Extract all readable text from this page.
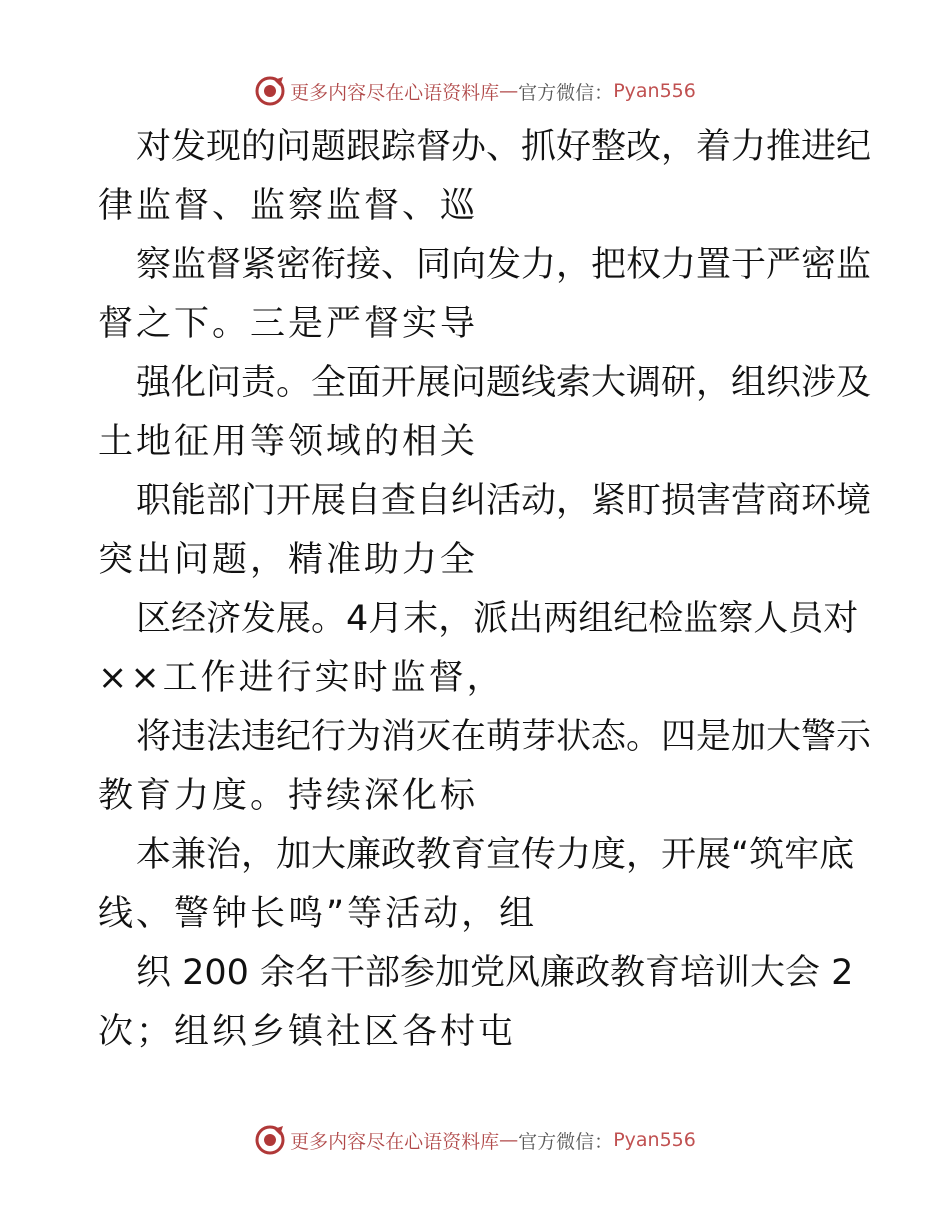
更多内容尽在心语资料库 — 官方微信： Pyan556
对发现的问题跟踪督办、抓好整改，着力推进纪
律监督、监察监督、巡
察监督紧密衔接、同向发力，把权力置于严密监
督之下。三是严督实导
强化问责。全面开展问题线索大调研，组织涉及
土地征用等领域的相关
职能部门开展自查自纠活动，紧盯损害营商环境
突出问题，精准助力全
区经济发展。4月末，派出两组纪检监察人员对
××工作进行实时监督，
将违法违纪行为消灭在萌芽状态。四是加大警示
教育力度。持续深化标
本兼治，加大廉政教育宣传力度，开展“筑牢底
线、警钟长鸣”等活动，组
织 200 余名干部参加党风廉政教育培训大会 2
次；组织乡镇社区各村屯
更多内容尽在心语资料库 — 官方微信： Pyan556
